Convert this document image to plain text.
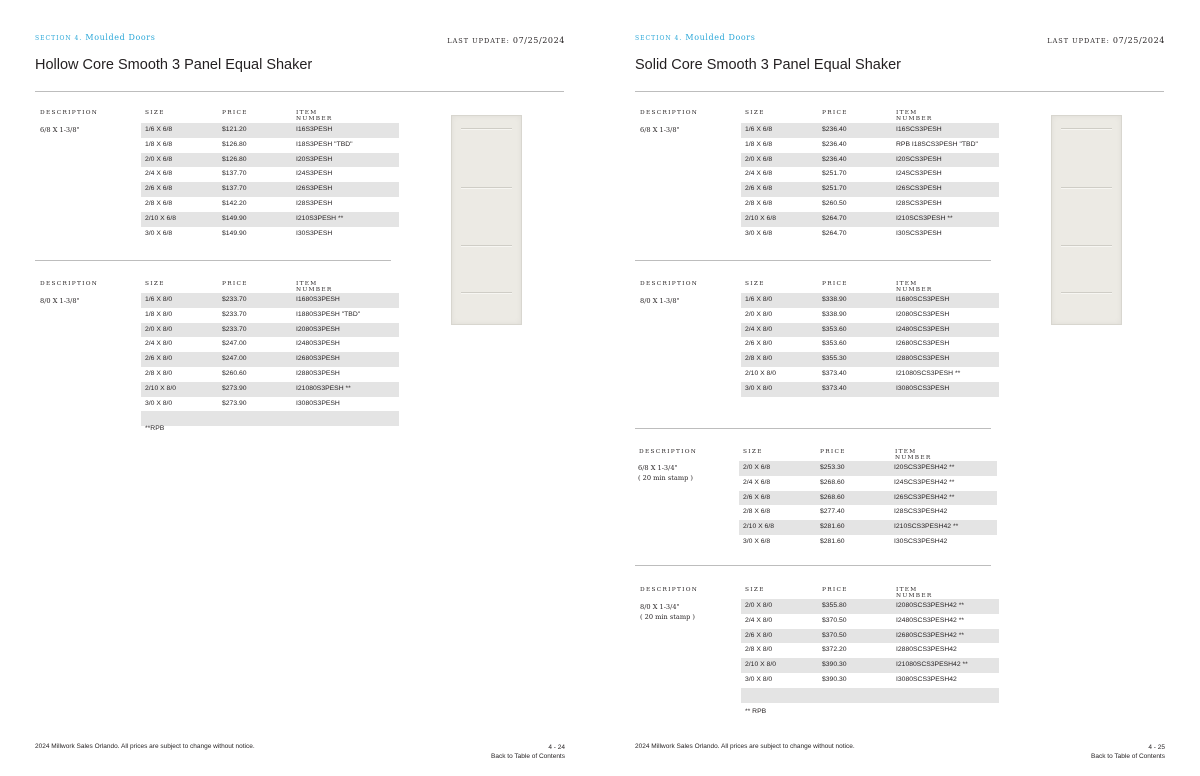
SECTION 4. Moulded Doors	LAST UPDATE: 07/25/2024
Hollow Core Smooth 3 Panel Equal Shaker
DESCRIPTION	SIZE	PRICE	ITEM NUMBER
6/8 X 1-3/8"	1/6 X 6/8	$121.20	I16S3PESH
1/8 X 6/8	$126.80	I18S3PESH "TBD"
2/0 X 6/8	$126.80	I20S3PESH
2/4 X 6/8	$137.70	I24S3PESH
2/6 X 6/8	$137.70	I26S3PESH
2/8 X 6/8	$142.20	I28S3PESH
2/10 X 6/8	$149.90	I210S3PESH **
3/0 X 6/8	$149.90	I30S3PESH
DESCRIPTION	SIZE	PRICE	ITEM NUMBER
8/0 X 1-3/8"	1/6 X 8/0	$233.70	I1680S3PESH
1/8 X 8/0	$233.70	I1880S3PESH "TBD"
2/0 X 8/0	$233.70	I2080S3PESH
2/4 X 8/0	$247.00	I2480S3PESH
2/6 X 8/0	$247.00	I2680S3PESH
2/8 X 8/0	$260.60	I2880S3PESH
2/10 X 8/0	$273.90	I21080S3PESH **
3/0 X 8/0	$273.90	I3080S3PESH
**RPB
2024 Millwork Sales Orlando. All prices are subject to change without notice.	4 - 24
Back to Table of Contents
SECTION 4. Moulded Doors	LAST UPDATE: 07/25/2024
Solid Core Smooth 3 Panel Equal Shaker
DESCRIPTION	SIZE	PRICE	ITEM NUMBER
6/8 X 1-3/8"	1/6 X 6/8	$236.40	I16SCS3PESH
1/8 X 6/8	$236.40	RPB I18SCS3PESH "TBD"
2/0 X 6/8	$236.40	I20SCS3PESH
2/4 X 6/8	$251.70	I24SCS3PESH
2/6 X 6/8	$251.70	I26SCS3PESH
2/8 X 6/8	$260.50	I28SCS3PESH
2/10 X 6/8	$264.70	I210SCS3PESH **
3/0 X 6/8	$264.70	I30SCS3PESH
DESCRIPTION	SIZE	PRICE	ITEM NUMBER
8/0 X 1-3/8"	1/6 X 8/0	$338.90	I1680SCS3PESH
2/0 X 8/0	$338.90	I2080SCS3PESH
2/4 X 8/0	$353.60	I2480SCS3PESH
2/6 X 8/0	$353.60	I2680SCS3PESH
2/8 X 8/0	$355.30	I2880SCS3PESH
2/10 X 8/0	$373.40	I21080SCS3PESH **
3/0 X 8/0	$373.40	I3080SCS3PESH
DESCRIPTION	SIZE	PRICE	ITEM NUMBER
6/8 X 1-3/4"
( 20 min stamp )
2/0 X 6/8	$253.30	I20SCS3PESH42 **
2/4 X 6/8	$268.60	I24SCS3PESH42 **
2/6 X 6/8	$268.60	I26SCS3PESH42 **
2/8 X 6/8	$277.40	I28SCS3PESH42
2/10 X 6/8	$281.60	I210SCS3PESH42 **
3/0 X 6/8	$281.60	I30SCS3PESH42
DESCRIPTION	SIZE	PRICE	ITEM NUMBER
8/0 X 1-3/4"
( 20 min stamp )
2/0 X 8/0	$355.80	I2080SCS3PESH42 **
2/4 X 8/0	$370.50	I2480SCS3PESH42 **
2/6 X 8/0	$370.50	I2680SCS3PESH42 **
2/8 X 8/0	$372.20	I2880SCS3PESH42
2/10 X 8/0	$390.30	I21080SCS3PESH42 **
3/0 X 8/0	$390.30	I3080SCS3PESH42
** RPB
2024 Millwork Sales Orlando. All prices are subject to change without notice.	4 - 25
Back to Table of Contents
